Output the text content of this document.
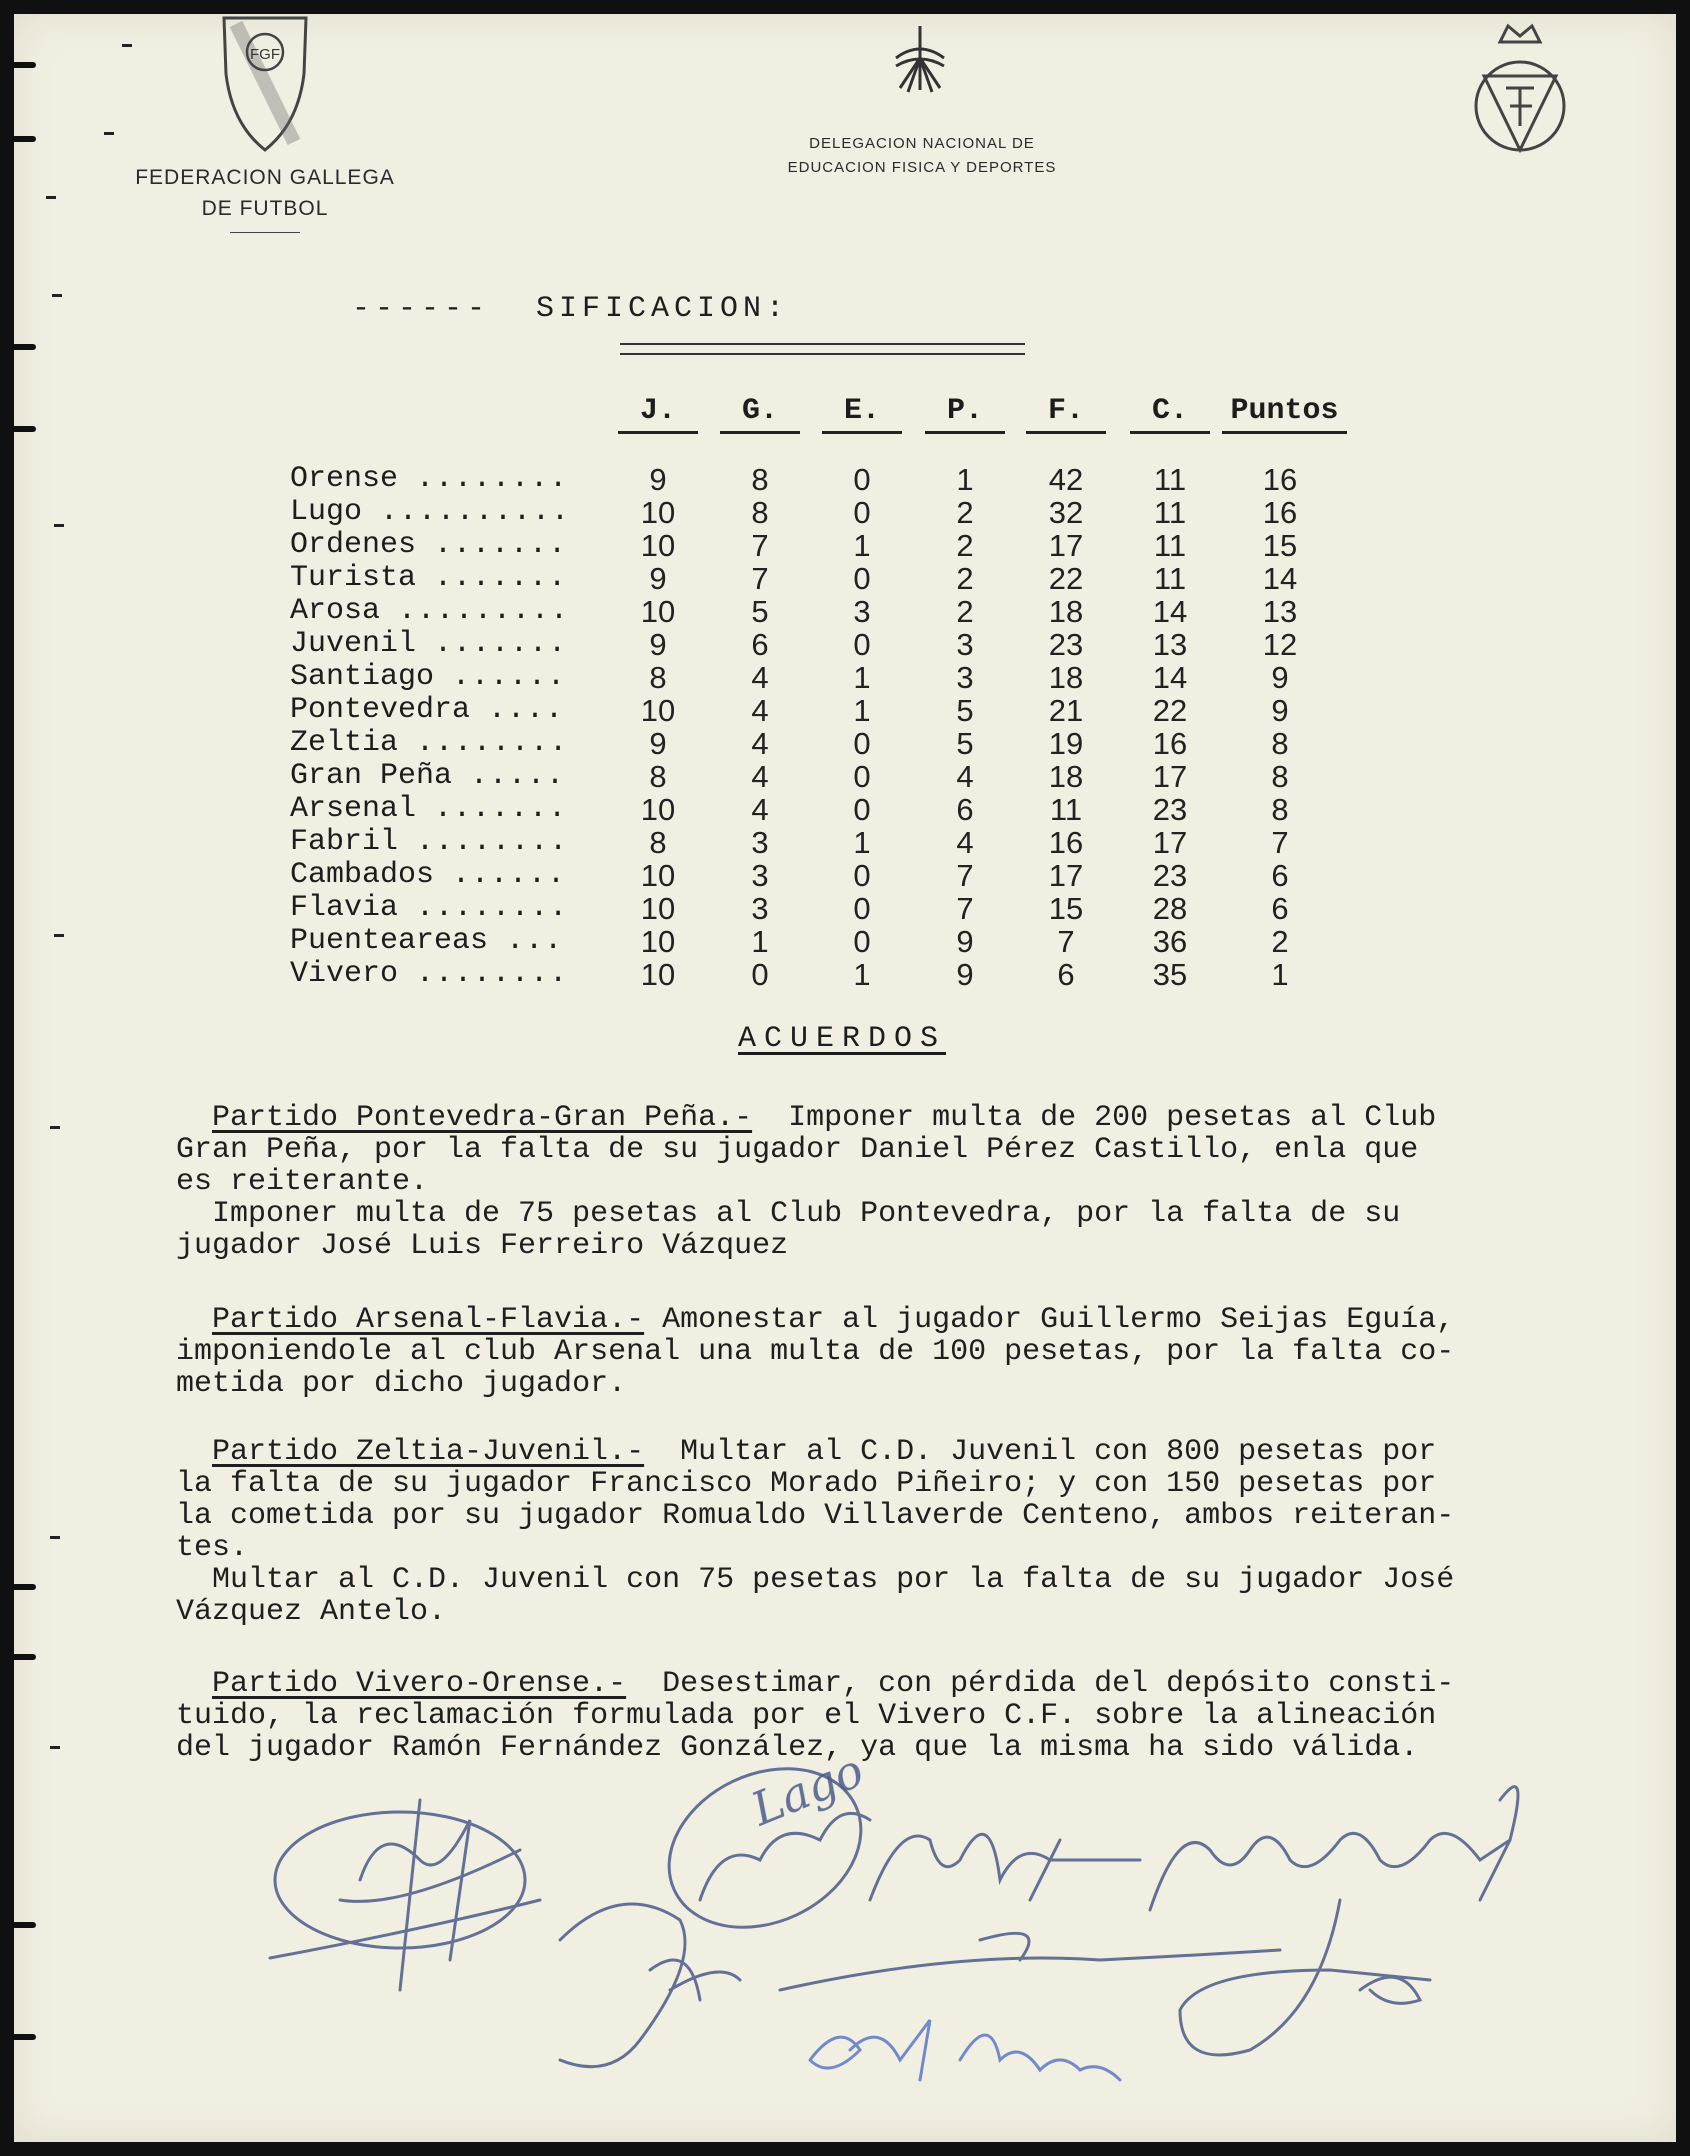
FGF
FEDERACION GALLEGA
DE FUTBOL
DELEGACION NACIONAL DE
EDUCACION FISICA Y DEPORTES
------  SIFICACION:
J.	G.	E.	P.	F.	C.	Puntos
Orense ........	9	8	0	1	42	11	16
Lugo ..........	10	8	0	2	32	11	16
Ordenes .......	10	7	1	2	17	11	15
Turista .......	9	7	0	2	22	11	14
Arosa .........	10	5	3	2	18	14	13
Juvenil .......	9	6	0	3	23	13	12
Santiago ......	8	4	1	3	18	14	9
Pontevedra ....	10	4	1	5	21	22	9
Zeltia ........	9	4	0	5	19	16	8
Gran Peña .....	8	4	0	4	18	17	8
Arsenal .......	10	4	0	6	11	23	8
Fabril ........	8	3	1	4	16	17	7
Cambados ......	10	3	0	7	17	23	6
Flavia ........	10	3	0	7	15	28	6
Puenteareas ...	10	1	0	9	7	36	2
Vivero ........	10	0	1	9	6	35	1
ACUERDOS
Partido Pontevedra-Gran Peña.-  Imponer multa de 200 pesetas al Club
Gran Peña, por la falta de su jugador Daniel Pérez Castillo, enla que
es reiterante.
Imponer multa de 75 pesetas al Club Pontevedra, por la falta de su
jugador José Luis Ferreiro Vázquez
Partido Arsenal-Flavia.- Amonestar al jugador Guillermo Seijas Eguía,
imponiendole al club Arsenal una multa de 100 pesetas, por la falta co-
metida por dicho jugador.
Partido Zeltia-Juvenil.-  Multar al C.D. Juvenil con 800 pesetas por
la falta de su jugador Francisco Morado Piñeiro; y con 150 pesetas por
la cometida por su jugador Romualdo Villaverde Centeno, ambos reiteran-
tes.
Multar al C.D. Juvenil con 75 pesetas por la falta de su jugador José
Vázquez Antelo.
Partido Vivero-Orense.-  Desestimar, con pérdida del depósito consti-
tuido, la reclamación formulada por el Vivero C.F. sobre la alineación
del jugador Ramón Fernández González, ya que la misma ha sido válida.
Lago
